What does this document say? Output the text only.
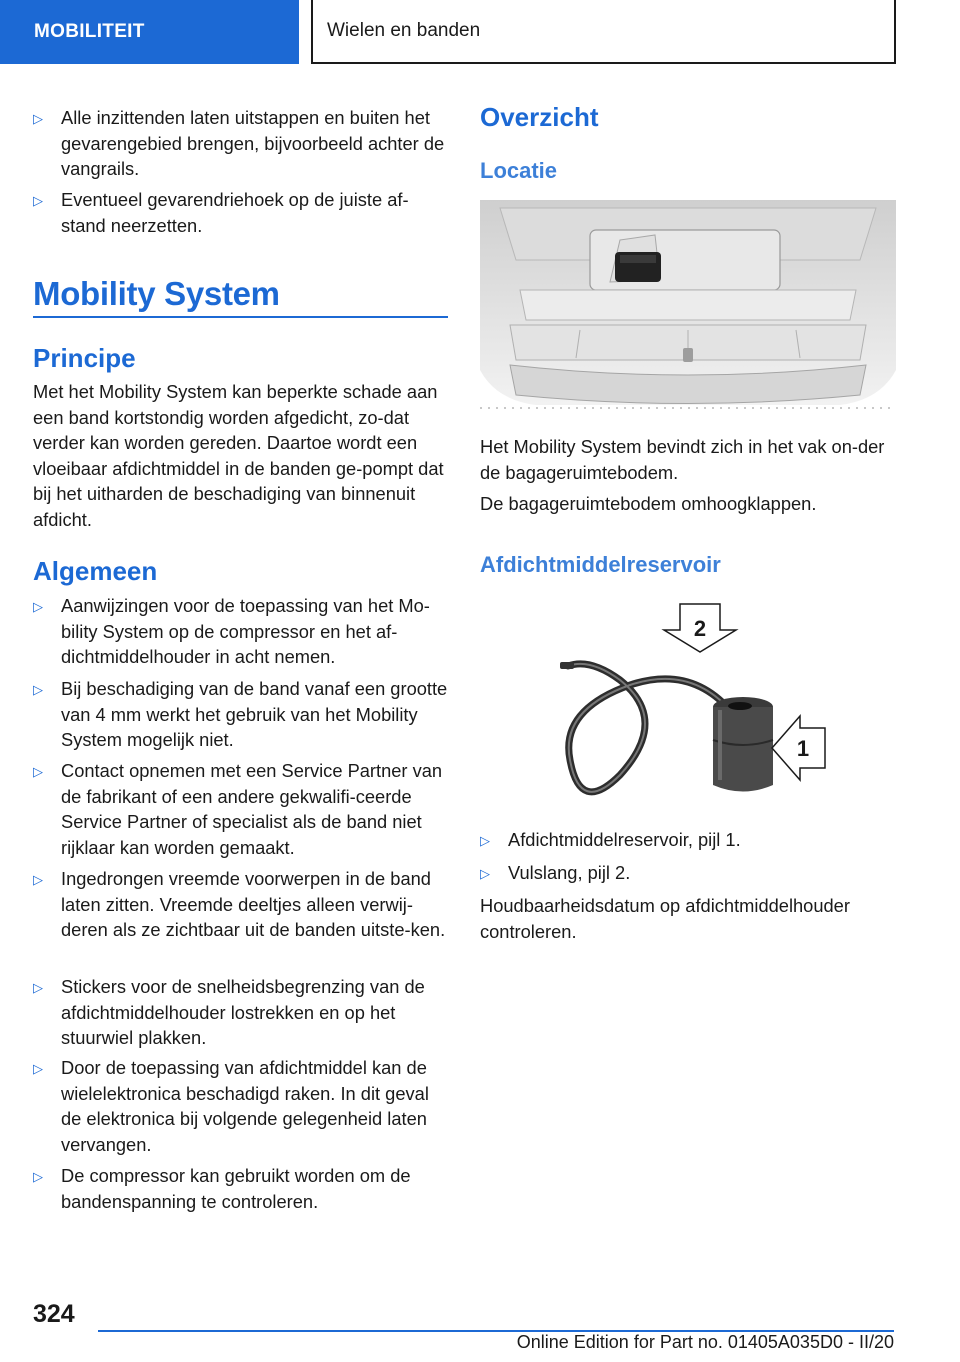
MOBILITEIT	Wielen en banden
▷ Alle inzittenden laten uitstappen en buiten het gevarengebied brengen, bijvoorbeeld achter de vangrails.
▷ Eventueel gevarendriehoek op de juiste af-stand neerzetten.
Mobility System
Principe
Met het Mobility System kan beperkte schade aan een band kortstondig worden afgedicht, zo-dat verder kan worden gereden. Daartoe wordt een vloeibaar afdichtmiddel in de banden ge-pompt dat bij het uitharden de beschadiging van binnenuit afdicht.
Algemeen
▷ Aanwijzingen voor de toepassing van het Mo-bility System op de compressor en het af-dichtmiddelhouder in acht nemen.
▷ Bij beschadiging van de band vanaf een grootte van 4 mm werkt het gebruik van het Mobility System mogelijk niet.
▷ Contact opnemen met een Service Partner van de fabrikant of een andere gekwalifi-ceerde Service Partner of specialist als de band niet rijklaar kan worden gemaakt.
▷ Ingedrongen vreemde voorwerpen in de band laten zitten. Vreemde deeltjes alleen verwij-deren als ze zichtbaar uit de banden uitste-ken.
▷ Stickers voor de snelheidsbegrenzing van de afdichtmiddelhouder lostrekken en op het stuurwiel plakken.
▷ Door de toepassing van afdichtmiddel kan de wielelektronica beschadigd raken. In dit geval de elektronica bij volgende gelegenheid laten vervangen.
▷ De compressor kan gebruikt worden om de bandenspanning te controleren.
Overzicht
Locatie
Het Mobility System bevindt zich in het vak on-der de bagageruimtebodem.
De bagageruimtebodem omhoogklappen.
Afdichtmiddelreservoir
2
1
▷ Afdichtmiddelreservoir, pijl 1.
▷ Vulslang, pijl 2.
Houdbaarheidsdatum op afdichtmiddelhouder controleren.
324
Online Edition for Part no. 01405A035D0 - II/20
